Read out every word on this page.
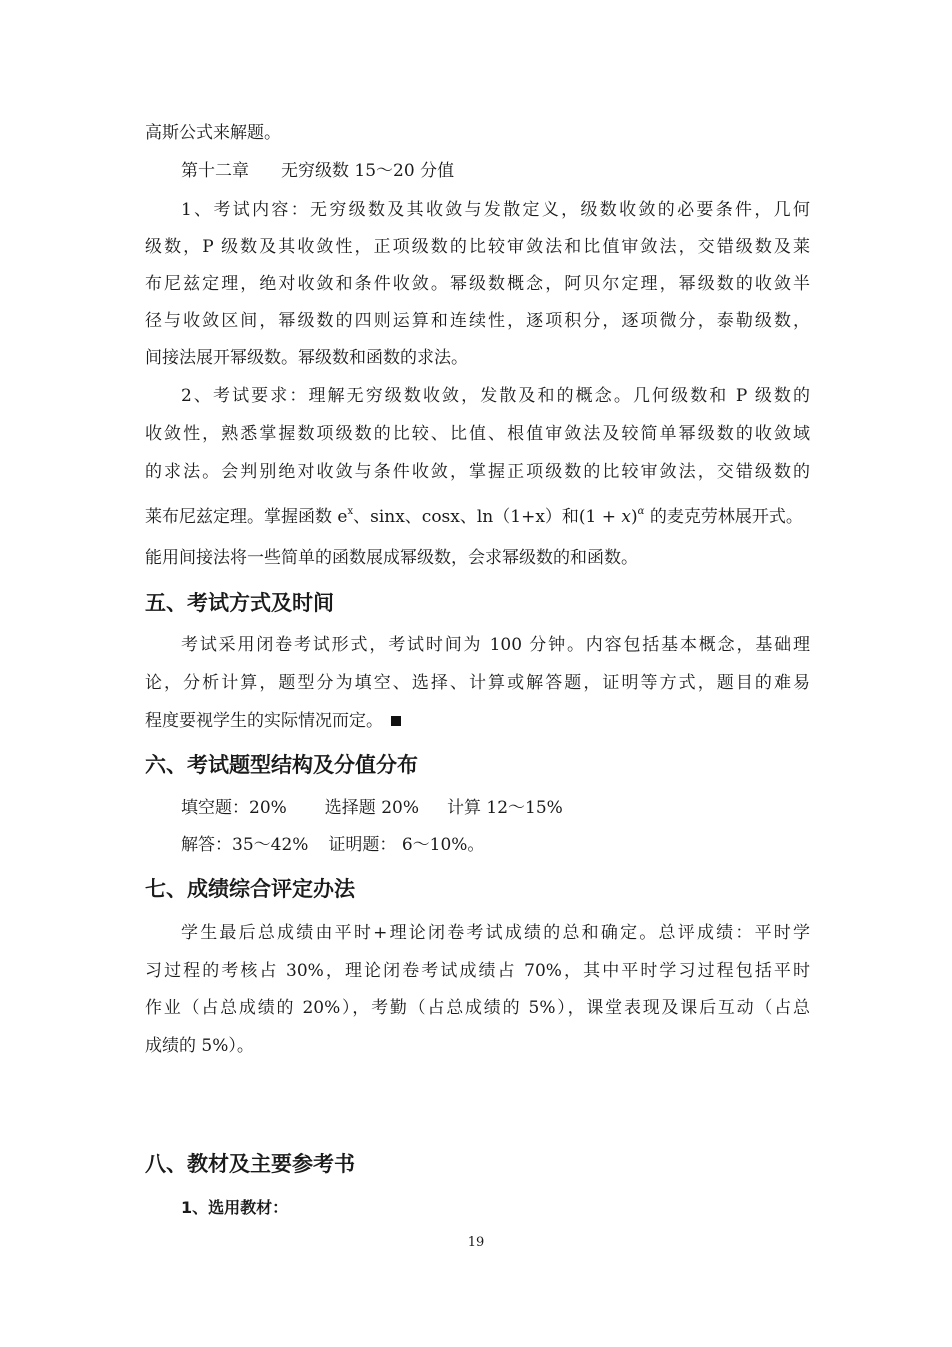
高斯公式来解题。
第十二章 无穷级数 15～20 分值
1、考试内容：无穷级数及其收敛与发散定义，级数收敛的必要条件，几何
级数，P 级数及其收敛性，正项级数的比较审敛法和比值审敛法，交错级数及莱
布尼兹定理，绝对收敛和条件收敛。幂级数概念，阿贝尔定理，幂级数的收敛半
径与收敛区间，幂级数的四则运算和连续性，逐项积分，逐项微分，泰勒级数，
间接法展开幂级数。幂级数和函数的求法。
2、考试要求：理解无穷级数收敛，发散及和的概念。几何级数和 P 级数的
收敛性，熟悉掌握数项级数的比较、比值、根值审敛法及较简单幂级数的收敛域
的求法。会判别绝对收敛与条件收敛，掌握正项级数的比较审敛法，交错级数的
莱布尼兹定理。掌握函数 $e^x$、sinx、cosx、ln（1+x）和$(1 + x)^\alpha$ 的麦克劳林展开式。
能用间接法将一些简单的函数展成幂级数，会求幂级数的和函数。
五、考试方式及时间
考试采用闭卷考试形式，考试时间为 100 分钟。内容包括基本概念，基础理
论，分析计算，题型分为填空、选择、计算或解答题，证明等方式，题目的难易
程度要视学生的实际情况而定。
六、考试题型结构及分值分布
填空题：20% 选择题 20% 计算 12～15%
解答：35～42% 证明题： 6～10%。
七、成绩综合评定办法
学生最后总成绩由平时+理论闭卷考试成绩的总和确定。总评成绩：平时学
习过程的考核占 30%，理论闭卷考试成绩占 70%，其中平时学习过程包括平时
作业（占总成绩的 20%），考勤（占总成绩的 5%），课堂表现及课后互动（占总
成绩的 5%）。
八、教材及主要参考书
1、选用教材：
19
